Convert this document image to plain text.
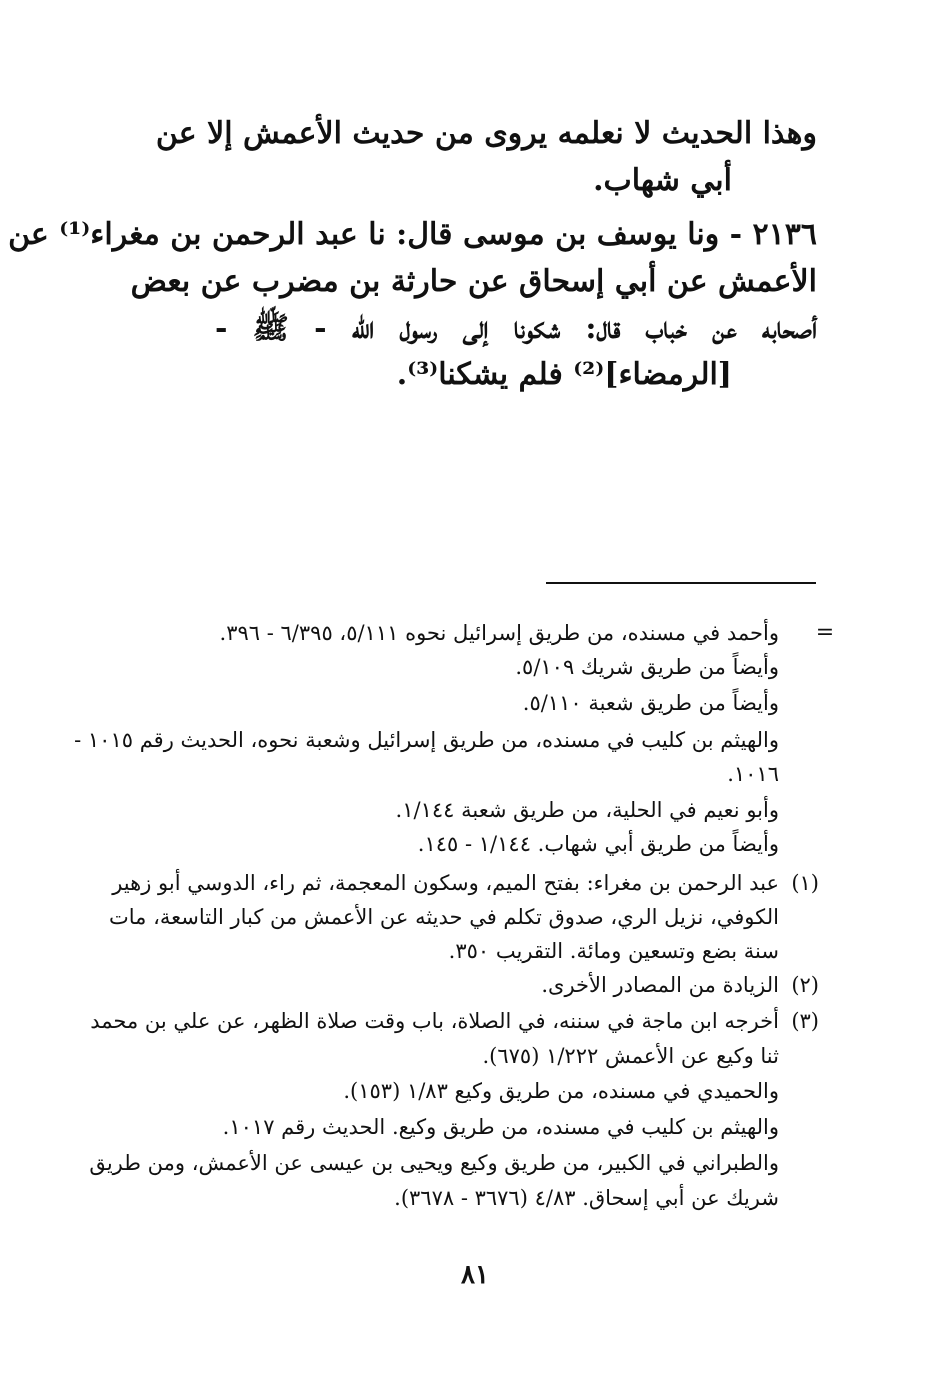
وهذا الحديث لا نعلمه يروى من حديث الأعمش إلا عن
أبي شهاب.
٢١٣٦ - ونا يوسف بن موسى قال: نا عبد الرحمن بن مغراء⁽¹⁾ عن
الأعمش عن أبي إسحاق عن حارثة بن مضرب عن بعض
أصحابه عن خباب قال: شكونا إلى رسول الله - ﷺ -
[الرمضاء]⁽²⁾ فلم يشكنا⁽³⁾.
=
وأحمد في مسنده، من طريق إسرائيل نحوه ٥/١١١، ٦/٣٩٥ - ٣٩٦.
وأيضاً من طريق شريك ٥/١٠٩.
وأيضاً من طريق شعبة ٥/١١٠.
والهيثم بن كليب في مسنده، من طريق إسرائيل وشعبة نحوه، الحديث رقم ١٠١٥ -
١٠١٦.
وأبو نعيم في الحلية، من طريق شعبة ١/١٤٤.
وأيضاً من طريق أبي شهاب. ١/١٤٤ - ١٤٥.
(١)
عبد الرحمن بن مغراء: بفتح الميم، وسكون المعجمة، ثم راء، الدوسي أبو زهير
الكوفي، نزيل الري، صدوق تكلم في حديثه عن الأعمش من كبار التاسعة، مات
سنة بضع وتسعين ومائة. التقريب ٣٥٠.
(٢)
الزيادة من المصادر الأخرى.
(٣)
أخرجه ابن ماجة في سننه، في الصلاة، باب وقت صلاة الظهر، عن علي بن محمد
ثنا وكيع عن الأعمش ١/٢٢٢ (٦٧٥).
والحميدي في مسنده، من طريق وكيع ١/٨٣ (١٥٣).
والهيثم بن كليب في مسنده، من طريق وكيع. الحديث رقم ١٠١٧.
والطبراني في الكبير، من طريق وكيع ويحيى بن عيسى عن الأعمش، ومن طريق
شريك عن أبي إسحاق. ٤/٨٣ (٣٦٧٦ - ٣٦٧٨).
٨١
